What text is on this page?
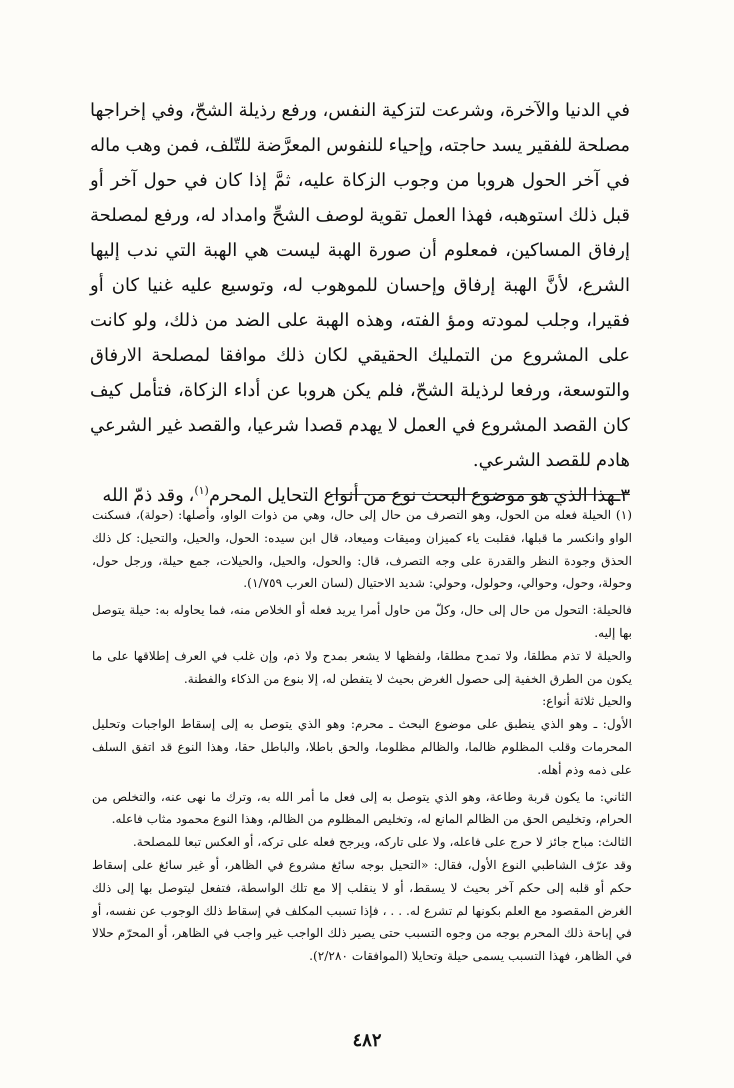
في الدنيا والآخرة، وشرعت لتزكية النفس، ورفع رذيلة الشحّ، وفي إخراجها مصلحة للفقير يسد حاجته، وإحياء للنفوس المعرَّضة للتّلف، فمن وهب ماله في آخر الحول هروبا من وجوب الزكاة عليه، ثمَّ إذا كان في حول آخر أو قبل ذلك استوهبه، فهذا العمل تقوية لوصف الشحِّ وامداد له، ورفع لمصلحة إرفاق المساكين، فمعلوم أن صورة الهبة ليست هي الهبة التي ندب إليها الشرع، لأنَّ الهبة إرفاق وإحسان للموهوب له، وتوسيع عليه غنيا كان أو فقيرا، وجلب لمودته ومؤ الفته، وهذه الهبة على الضد من ذلك، ولو كانت على المشروع من التمليك الحقيقي لكان ذلك موافقا لمصلحة الارفاق والتوسعة، ورفعا لرذيلة الشحّ، فلم يكن هروبا عن أداء الزكاة، فتأمل كيف كان القصد المشروع في العمل لا يهدم قصدا شرعيا، والقصد غير الشرعي هادم للقصد الشرعي.

٣ـهذا الذي هو موضوع البحث نوع من أنواع التحايل المحرم$^{(١)}$، وقد ذمّ الله

(١) الحيلة فعله من الحول، وهو التصرف من حال إلى حال، وهي من ذوات الواو، وأصلها: (حولة)، فسكنت الواو وانكسر ما قبلها، فقلبت ياء كميزان وميقات وميعاد، قال ابن سيده: الحول، والحيل، والتحيل: كل ذلك الحذق وجودة النظر والقدرة على وجه التصرف، قال: والحول، والحيل، والحيلات، جمع حيلة، ورجل حول، وحولة، وحول، وحوالي، وحولول، وحولي: شديد الاحتيال (لسان العرب ١/٧٥٩).

فالحيلة: التحول من حال إلى حال، وكلّ من حاول أمرا يريد فعله أو الخلاص منه، فما يحاوله به: حيلة يتوصل بها إليه.

والحيلة لا تذم مطلقا، ولا تمدح مطلقا، ولفظها لا يشعر بمدح ولا ذم، وإن غلب في العرف إطلاقها على ما يكون من الطرق الخفية إلى حصول الغرض بحيث لا يتفطن له، إلا بنوع من الذكاء والفطنة.

والحيل ثلاثة أنواع:

الأول: ـ وهو الذي ينطبق على موضوع البحث ـ محرم: وهو الذي يتوصل به إلى إسقاط الواجبات وتحليل المحرمات وقلب المظلوم ظالما، والظالم مظلوما، والحق باطلا، والباطل حقا، وهذا النوع قد اتفق السلف على ذمه وذم أهله.

الثاني: ما يكون قربة وطاعة، وهو الذي يتوصل به إلى فعل ما أمر الله به، وترك ما نهى عنه، والتخلص من الحرام، وتخليص الحق من الظالم المانع له، وتخليص المظلوم من الظالم، وهذا النوع محمود مثاب فاعله.

الثالث: مباح جائز لا حرج على فاعله، ولا على تاركه، ويرجح فعله على تركه، أو العكس تبعا للمصلحة.

وقد عرّف الشاطبي النوع الأول، فقال: «التحيل بوجه سائغ مشروع في الظاهر، أو غير سائغ على إسقاط حكم أو قلبه إلى حكم آخر بحيث لا يسقط، أو لا ينقلب إلا مع تلك الواسطة، فتفعل ليتوصل بها إلى ذلك الغرض المقصود مع العلم بكونها لم تشرع له. . . ، فإذا تسبب المكلف في إسقاط ذلك الوجوب عن نفسه، أو في إباحة ذلك المحرم بوجه من وجوه التسبب حتى يصير ذلك الواجب غير واجب في الظاهر، أو المحرّم حلالا في الظاهر، فهذا التسبب يسمى حيلة وتحايلا (الموافقات ٢/٢٨٠).

٤٨٢
